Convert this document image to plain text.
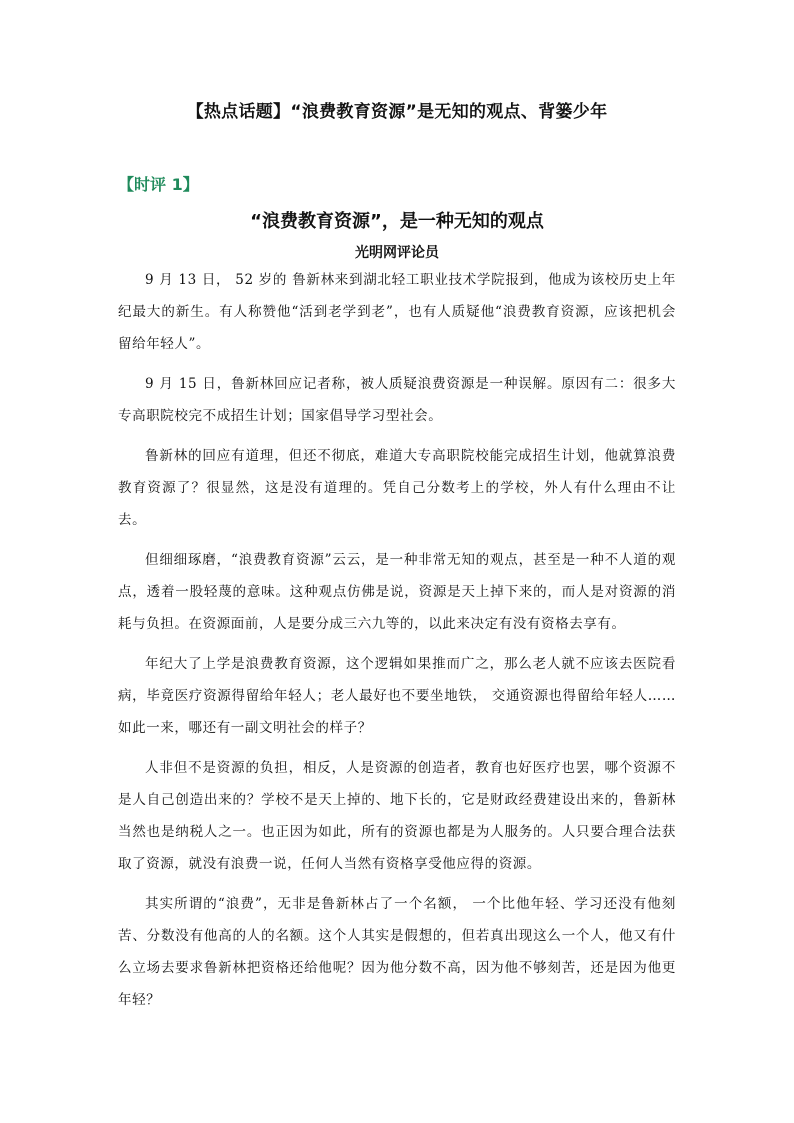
【热点话题】“浪费教育资源”是无知的观点、背篓少年
【时评 1】
“浪费教育资源”，是一种无知的观点
光明网评论员

9 月 13 日， 52 岁的 鲁新林来到湖北轻工职业技术学院报到，他成为该校历史上年纪最大的新生。有人称赞他“活到老学到老”，也有人质疑他“浪费教育资源，应该把机会留给年轻人”。

9 月 15 日，鲁新林回应记者称，被人质疑浪费资源是一种误解。原因有二：很多大专高职院校完不成招生计划；国家倡导学习型社会。

鲁新林的回应有道理，但还不彻底，难道大专高职院校能完成招生计划，他就算浪费教育资源了？很显然，这是没有道理的。凭自己分数考上的学校，外人有什么理由不让去。

但细细琢磨，“浪费教育资源”云云，是一种非常无知的观点，甚至是一种不人道的观点，透着一股轻蔑的意味。这种观点仿佛是说，资源是天上掉下来的，而人是对资源的消耗与负担。在资源面前，人是要分成三六九等的，以此来决定有没有资格去享有。

年纪大了上学是浪费教育资源，这个逻辑如果推而广之，那么老人就不应该去医院看病，毕竟医疗资源得留给年轻人；老人最好也不要坐地铁， 交通资源也得留给年轻人……如此一来，哪还有一副文明社会的样子？

人非但不是资源的负担，相反，人是资源的创造者，教育也好医疗也罢，哪个资源不是人自己创造出来的？学校不是天上掉的、地下长的，它是财政经费建设出来的，鲁新林当然也是纳税人之一。也正因为如此，所有的资源也都是为人服务的。人只要合理合法获取了资源，就没有浪费一说，任何人当然有资格享受他应得的资源。

其实所谓的“浪费”，无非是鲁新林占了一个名额， 一个比他年轻、学习还没有他刻苦、分数没有他高的人的名额。这个人其实是假想的，但若真出现这么一个人，他又有什么立场去要求鲁新林把资格还给他呢？因为他分数不高，因为他不够刻苦，还是因为他更年轻？
